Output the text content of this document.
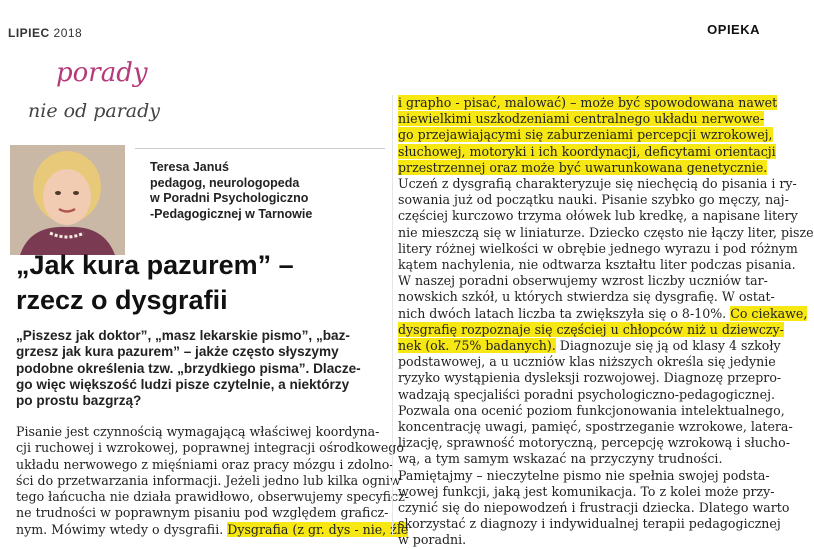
LIPIEC 2018	OPIEKA
porady
nie od parady
Teresa Januś
pedagog, neurologopeda
w Poradni Psychologiczno
-Pedagogicznej w Tarnowie
„Jak kura pazurem” –
rzecz o dysgrafii
„Piszesz jak doktor”, „masz lekarskie pismo”, „baz-
grzesz jak kura pazurem” – jakże często słyszymy
podobne określenia tzw. „brzydkiego pisma”. Dlacze-
go więc większość ludzi pisze czytelnie, a niektórzy
po prostu bazgrzą?
Pisanie jest czynnością wymagającą właściwej koordyna-
cji ruchowej i wzrokowej, poprawnej integracji ośrodkowego
układu nerwowego z mięśniami oraz pracy mózgu i zdolno-
ści do przetwarzania informacji. Jeżeli jedno lub kilka ogniw
tego łańcucha nie działa prawidłowo, obserwujemy specyficz-
ne trudności w poprawnym pisaniu pod względem graficz-
nym. Mówimy wtedy o dysgrafii. Dysgrafia (z gr. dys - nie, źle
i grapho - pisać, malować) – może być spowodowana nawet
niewielkimi uszkodzeniami centralnego układu nerwowe-
go przejawiającymi się zaburzeniami percepcji wzrokowej,
słuchowej, motoryki i ich koordynacji, deficytami orientacji
przestrzennej oraz może być uwarunkowana genetycznie.
Uczeń z dysgrafią charakteryzuje się niechęcią do pisania i ry-
sowania już od początku nauki. Pisanie szybko go męczy, naj-
częściej kurczowo trzyma ołówek lub kredkę, a napisane litery
nie mieszczą się w liniaturze. Dziecko często nie łączy liter, pisze
litery różnej wielkości w obrębie jednego wyrazu i pod różnym
kątem nachylenia, nie odtwarza kształtu liter podczas pisania.
W naszej poradni obserwujemy wzrost liczby uczniów tar-
nowskich szkół, u których stwierdza się dysgrafię. W ostat-
nich dwóch latach liczba ta zwiększyła się o 8-10%. Co ciekawe,
dysgrafię rozpoznaje się częściej u chłopców niż u dziewczy-
nek (ok. 75% badanych). Diagnozuje się ją od klasy 4 szkoły
podstawowej, a u uczniów klas niższych określa się jedynie
ryzyko wystąpienia dysleksji rozwojowej. Diagnozę przepro-
wadzają specjaliści poradni psychologiczno-pedagogicznej.
Pozwala ona ocenić poziom funkcjonowania intelektualnego,
koncentrację uwagi, pamięć, spostrzeganie wzrokowe, latera-
lizację, sprawność motoryczną, percepcję wzrokową i słucho-
wą, a tym samym wskazać na przyczyny trudności.
Pamiętajmy – nieczytelne pismo nie spełnia swojej podsta-
wowej funkcji, jaką jest komunikacja. To z kolei może przy-
czynić się do niepowodzeń i frustracji dziecka. Dlatego warto
skorzystać z diagnozy i indywidualnej terapii pedagogicznej
w poradni.
